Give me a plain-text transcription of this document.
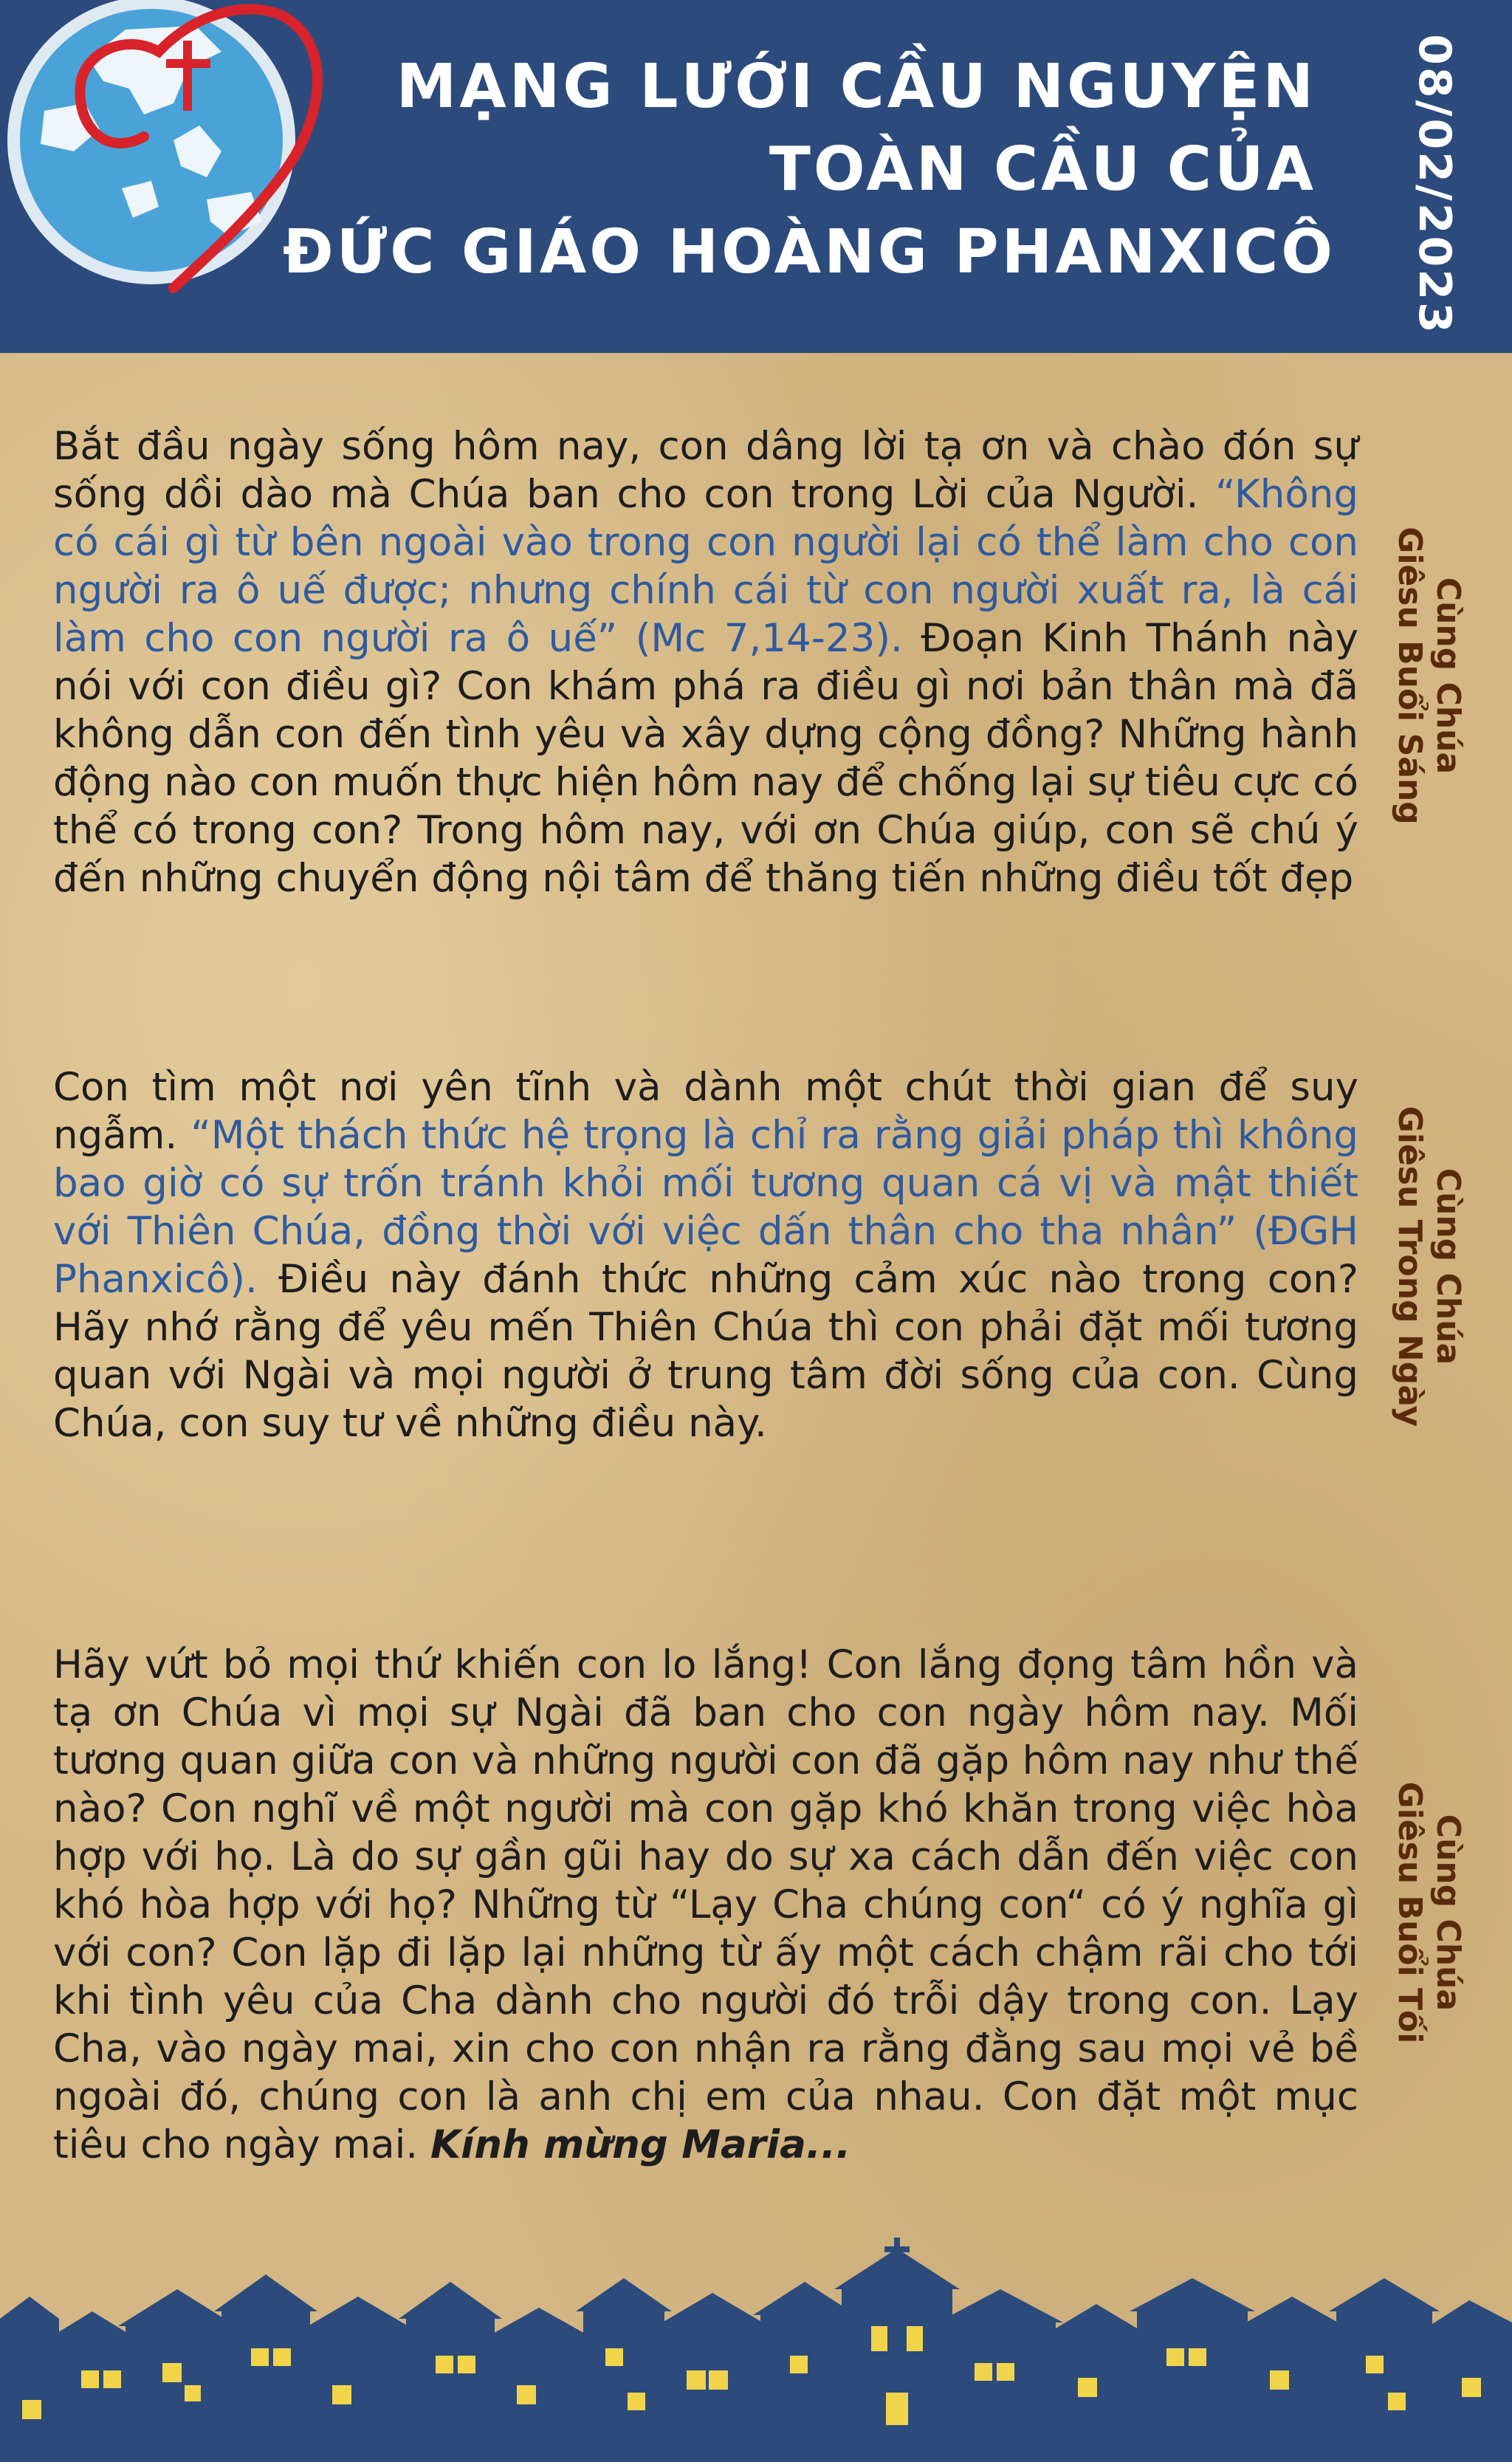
MẠNG LƯỚI CẦU NGUYỆN
TOÀN CẦU CỦA
ĐỨC GIÁO HOÀNG PHANXICÔ 08/02/2023
Bắt đầu ngày sống hôm nay, con dâng lời tạ ơn và chào đón sự sống dồi dào mà Chúa ban cho con trong Lời của Người. “Không có cái gì từ bên ngoài vào trong con người lại có thể làm cho con người ra ô uế được; nhưng chính cái từ con người xuất ra, là cái làm cho con người ra ô uế” (Mc 7,14-23). Đoạn Kinh Thánh này nói với con điều gì? Con khám phá ra điều gì nơi bản thân mà đã không dẫn con đến tình yêu và xây dựng cộng đồng? Những hành động nào con muốn thực hiện hôm nay để chống lại sự tiêu cực có thể có trong con? Trong hôm nay, với ơn Chúa giúp, con sẽ chú ý đến những chuyển động nội tâm để thăng tiến những điều tốt đẹp
Cùng Chúa
Giêsu Buổi Sáng
Con tìm một nơi yên tĩnh và dành một chút thời gian để suy ngẫm. “Một thách thức hệ trọng là chỉ ra rằng giải pháp thì không bao giờ có sự trốn tránh khỏi mối tương quan cá vị và mật thiết với Thiên Chúa, đồng thời với việc dấn thân cho tha nhân” (ĐGH Phanxicô). Điều này đánh thức những cảm xúc nào trong con? Hãy nhớ rằng để yêu mến Thiên Chúa thì con phải đặt mối tương quan với Ngài và mọi người ở trung tâm đời sống của con. Cùng Chúa, con suy tư về những điều này.
Cùng Chúa
Giêsu Trong Ngày
Hãy vứt bỏ mọi thứ khiến con lo lắng! Con lắng đọng tâm hồn và tạ ơn Chúa vì mọi sự Ngài đã ban cho con ngày hôm nay. Mối tương quan giữa con và những người con đã gặp hôm nay như thế nào? Con nghĩ về một người mà con gặp khó khăn trong việc hòa hợp với họ. Là do sự gần gũi hay do sự xa cách dẫn đến việc con khó hòa hợp với họ? Những từ “Lạy Cha chúng con“ có ý nghĩa gì với con? Con lặp đi lặp lại những từ ấy một cách chậm rãi cho tới khi tình yêu của Cha dành cho người đó trỗi dậy trong con. Lạy Cha, vào ngày mai, xin cho con nhận ra rằng đằng sau mọi vẻ bề ngoài đó, chúng con là anh chị em của nhau. Con đặt một mục tiêu cho ngày mai. Kính mừng Maria...
Cùng Chúa
Giêsu Buổi Tối
